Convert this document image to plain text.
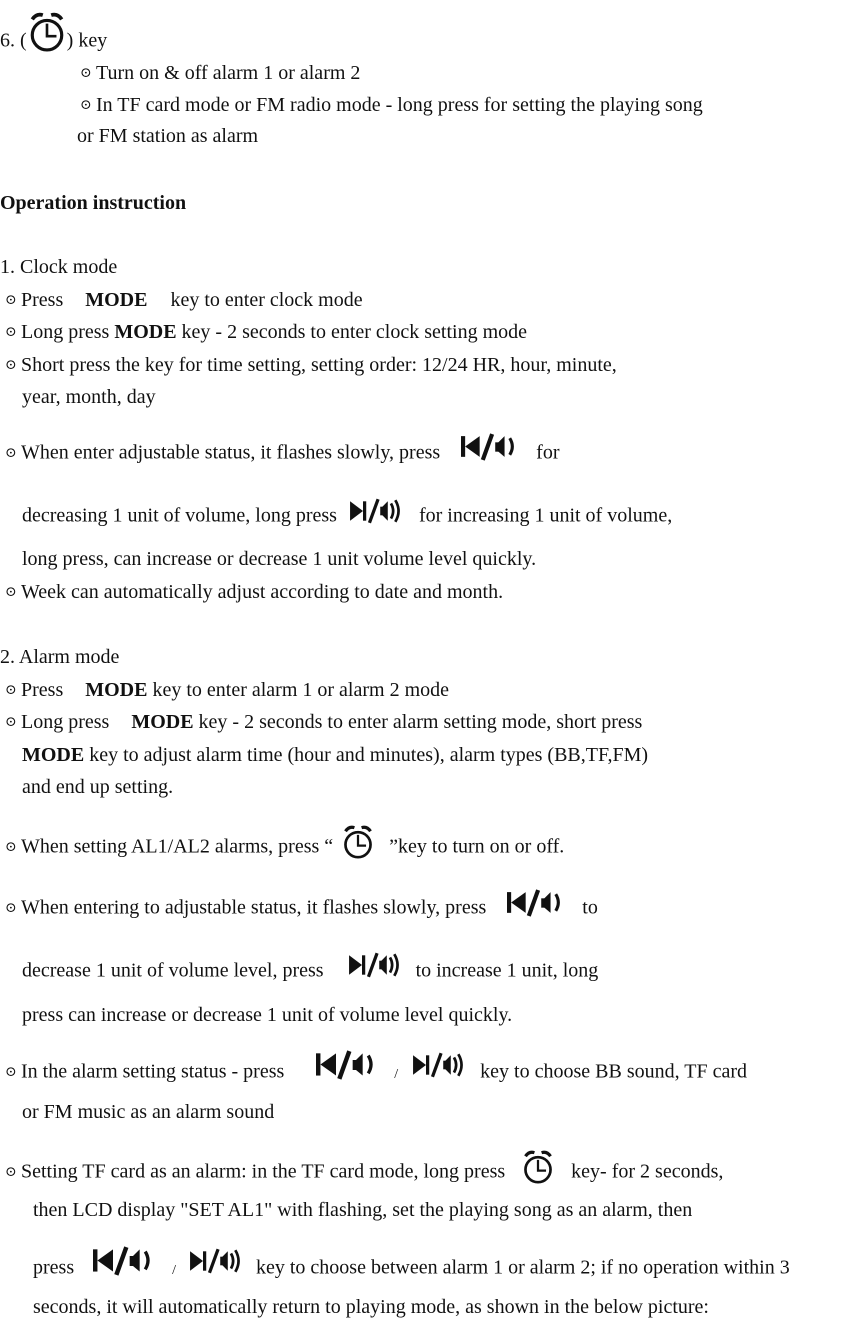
6. ( ) key
⊙ Turn on & off alarm 1 or alarm 2
⊙ In TF card mode or FM radio mode - long press for setting the playing song
or FM station as alarm
Operation instruction
1. Clock mode
⊙ Press MODE key to enter clock mode
⊙ Long press MODE key - 2 seconds to enter clock setting mode
⊙ Short press the key for time setting, setting order: 12/24 HR, hour, minute,
year, month, day
⊙ When enter adjustable status, it flashes slowly, press	for
decreasing 1 unit of volume, long press	for increasing 1 unit of volume,
long press, can increase or decrease 1 unit volume level quickly.
⊙ Week can automatically adjust according to date and month.
2. Alarm mode
⊙ Press MODE key to enter alarm 1 or alarm 2 mode
⊙ Long press MODE key - 2 seconds to enter alarm setting mode, short press
MODE key to adjust alarm time (hour and minutes), alarm types (BB,TF,FM)
and end up setting.
⊙ When setting AL1/AL2 alarms, press “	”key to turn on or off.
⊙ When entering to adjustable status, it flashes slowly, press	to
decrease 1 unit of volume level, press	to increase 1 unit, long
press can increase or decrease 1 unit of volume level quickly.
⊙ In the alarm setting status - press	/	key to choose BB sound, TF card
or FM music as an alarm sound
⊙ Setting TF card as an alarm: in the TF card mode, long press	key- for 2 seconds,
then LCD display "SET AL1" with flashing, set the playing song as an alarm, then
press	/	key to choose between alarm 1 or alarm 2; if no operation within 3
seconds, it will automatically return to playing mode, as shown in the below picture:
